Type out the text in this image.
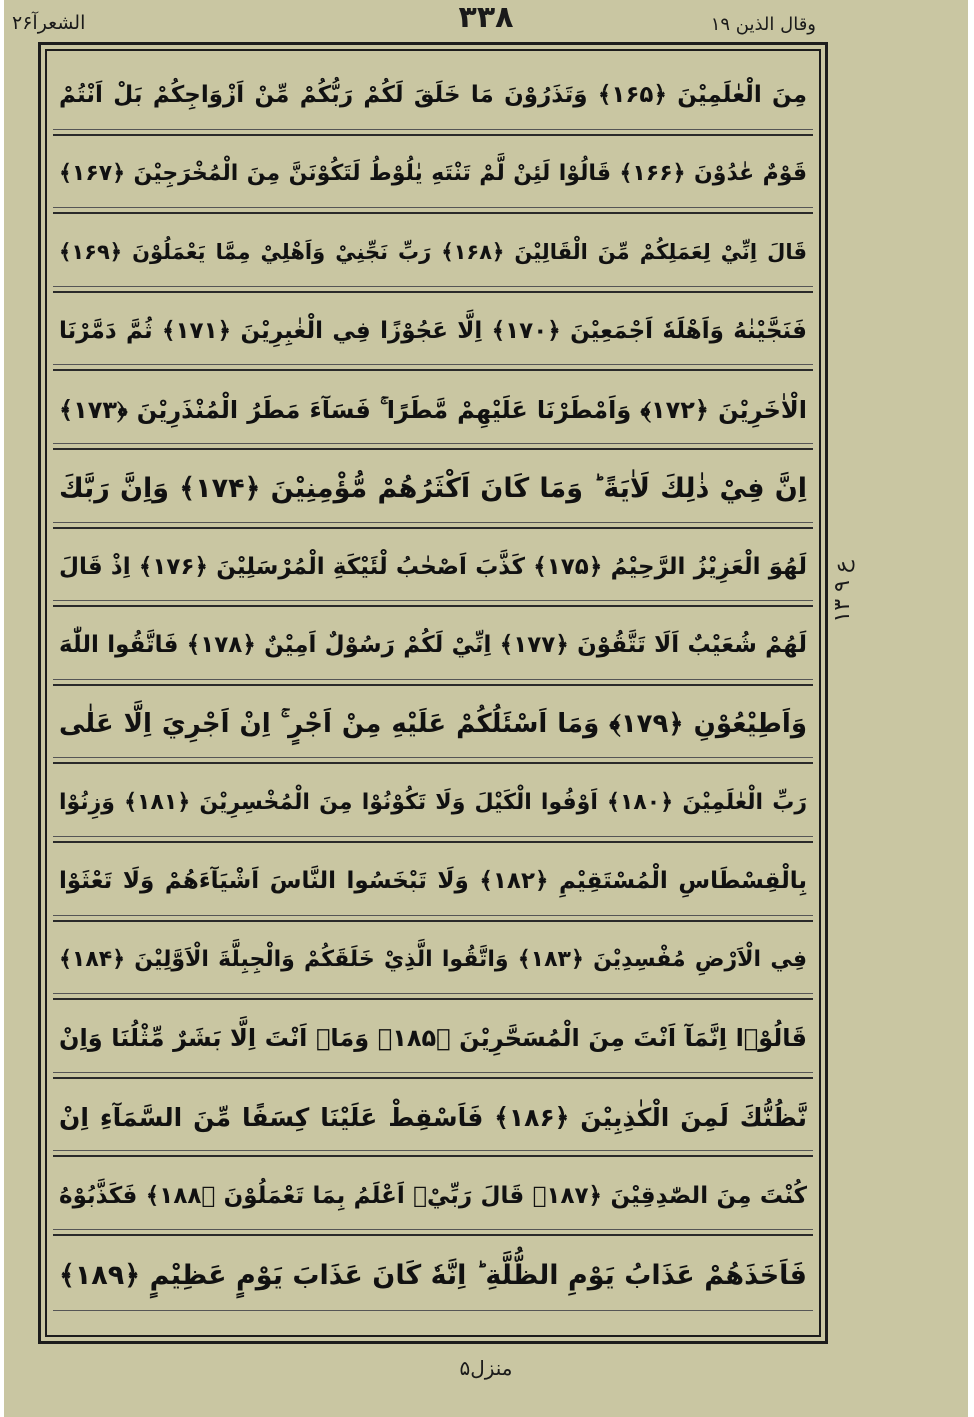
الشعرآ۲۶	۳۳۸	وقال الذین ۱۹
مِنَ الْعٰلَمِيْنَ ﴿۱۶۵﴾ وَتَذَرُوْنَ مَا خَلَقَ لَكُمْ رَبُّكُمْ مِّنْ اَزْوَاجِكُمْ بَلْ اَنْتُمْ
قَوْمٌ عٰدُوْنَ ﴿۱۶۶﴾ قَالُوْا لَئِنْ لَّمْ تَنْتَهِ يٰلُوْطُ لَتَكُوْنَنَّ مِنَ الْمُخْرَجِيْنَ ﴿۱۶۷﴾
قَالَ اِنِّيْ لِعَمَلِكُمْ مِّنَ الْقَالِيْنَ ﴿۱۶۸﴾ رَبِّ نَجِّنِيْ وَاَهْلِيْ مِمَّا يَعْمَلُوْنَ ﴿۱۶۹﴾
فَنَجَّيْنٰهُ وَاَهْلَهٗ اَجْمَعِيْنَ ﴿۱۷۰﴾ اِلَّا عَجُوْزًا فِي الْغٰبِرِيْنَ ﴿۱۷۱﴾ ثُمَّ دَمَّرْنَا
الْاٰخَرِيْنَ ﴿۱۷۲﴾ وَاَمْطَرْنَا عَلَيْهِمْ مَّطَرًا ۚ فَسَآءَ مَطَرُ الْمُنْذَرِيْنَ ﴿۱۷۳﴾
اِنَّ فِيْ ذٰلِكَ لَاٰيَةً ؕ وَمَا كَانَ اَكْثَرُهُمْ مُّؤْمِنِيْنَ ﴿۱۷۴﴾ وَاِنَّ رَبَّكَ
لَهُوَ الْعَزِيْزُ الرَّحِيْمُ ﴿۱۷۵﴾ كَذَّبَ اَصْحٰبُ لْئَيْكَةِ الْمُرْسَلِيْنَ ﴿۱۷۶﴾ اِذْ قَالَ
لَهُمْ شُعَيْبٌ اَلَا تَتَّقُوْنَ ﴿۱۷۷﴾ اِنِّيْ لَكُمْ رَسُوْلٌ اَمِيْنٌ ﴿۱۷۸﴾ فَاتَّقُوا اللّٰهَ
وَاَطِيْعُوْنِ ﴿۱۷۹﴾ وَمَا اَسْئَلُكُمْ عَلَيْهِ مِنْ اَجْرٍ ۚ اِنْ اَجْرِيَ اِلَّا عَلٰى
رَبِّ الْعٰلَمِيْنَ ﴿۱۸۰﴾ اَوْفُوا الْكَيْلَ وَلَا تَكُوْنُوْا مِنَ الْمُخْسِرِيْنَ ﴿۱۸۱﴾ وَزِنُوْا
بِالْقِسْطَاسِ الْمُسْتَقِيْمِ ﴿۱۸۲﴾ وَلَا تَبْخَسُوا النَّاسَ اَشْيَآءَهُمْ وَلَا تَعْثَوْا
فِي الْاَرْضِ مُفْسِدِيْنَ ﴿۱۸۳﴾ وَاتَّقُوا الَّذِيْ خَلَقَكُمْ وَالْجِبِلَّةَ الْاَوَّلِيْنَ ﴿۱۸۴﴾
قَالُوْۤا اِنَّمَآ اَنْتَ مِنَ الْمُسَحَّرِيْنَ ﴿۱۸۵﴾ وَمَاۤ اَنْتَ اِلَّا بَشَرٌ مِّثْلُنَا وَاِنْ
نَّظُنُّكَ لَمِنَ الْكٰذِبِيْنَ ﴿۱۸۶﴾ فَاَسْقِطْ عَلَيْنَا كِسَفًا مِّنَ السَّمَآءِ اِنْ
كُنْتَ مِنَ الصّٰدِقِيْنَ ﴿۱۸۷﴾ قَالَ رَبِّيْۤ اَعْلَمُ بِمَا تَعْمَلُوْنَ ﴿۱۸۸﴾ فَكَذَّبُوْهُ
فَاَخَذَهُمْ عَذَابُ يَوْمِ الظُّلَّةِ ؕ اِنَّهٗ كَانَ عَذَابَ يَوْمٍ عَظِيْمٍ ﴿۱۸۹﴾
ع ۹ ۱۳
منزل۵
